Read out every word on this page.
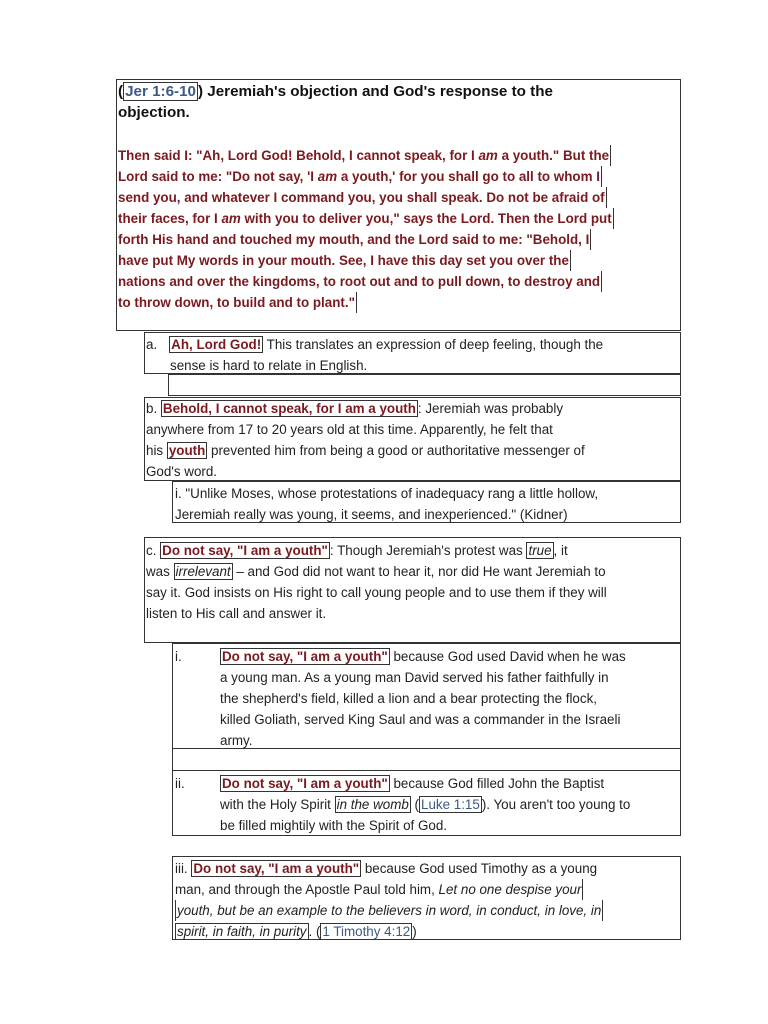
( Jer 1:6-10 ) Jeremiah's objection and God's response to the
objection.
Then said I: "Ah, Lord God! Behold, I cannot speak, for I am a youth." But the
Lord said to me: "Do not say, 'I am a youth,' for you shall go to all to whom I
send you, and whatever I command you, you shall speak. Do not be afraid of
their faces, for I am with you to deliver you," says the Lord. Then the Lord put
forth His hand and touched my mouth, and the Lord said to me: "Behold, I
have put My words in your mouth. See, I have this day set you over the
nations and over the kingdoms, to root out and to pull down, to destroy and
to throw down, to build and to plant."
a. Ah, Lord God! This translates an expression of deep feeling, though the
sense is hard to relate in English.
b. Behold, I cannot speak, for I am a youth : Jeremiah was probably
anywhere from 17 to 20 years old at this time. Apparently, he felt that
his youth prevented him from being a good or authoritative messenger of
God's word.
i. "Unlike Moses, whose protestations of inadequacy rang a little hollow,
Jeremiah really was young, it seems, and inexperienced." (Kidner)
c. Do not say, "I am a youth" : Though Jeremiah's protest was true , it
was irrelevant – and God did not want to hear it, nor did He want Jeremiah to
say it. God insists on His right to call young people and to use them if they will
listen to His call and answer it.
i.	Do not say, "I am a youth" because God used David when he was
a young man. As a young man David served his father faithfully in
the shepherd's field, killed a lion and a bear protecting the flock,
killed Goliath, served King Saul and was a commander in the Israeli
army.
ii.	Do not say, "I am a youth" because God filled John the Baptist
with the Holy Spirit in the womb ( Luke 1:15 ). You aren't too young to
be filled mightily with the Spirit of God.
iii. Do not say, "I am a youth" because God used Timothy as a young
man, and through the Apostle Paul told him, Let no one despise your
youth, but be an example to the believers in word, in conduct, in love, in
spirit, in faith, in purity . ( 1 Timothy 4:12 )
